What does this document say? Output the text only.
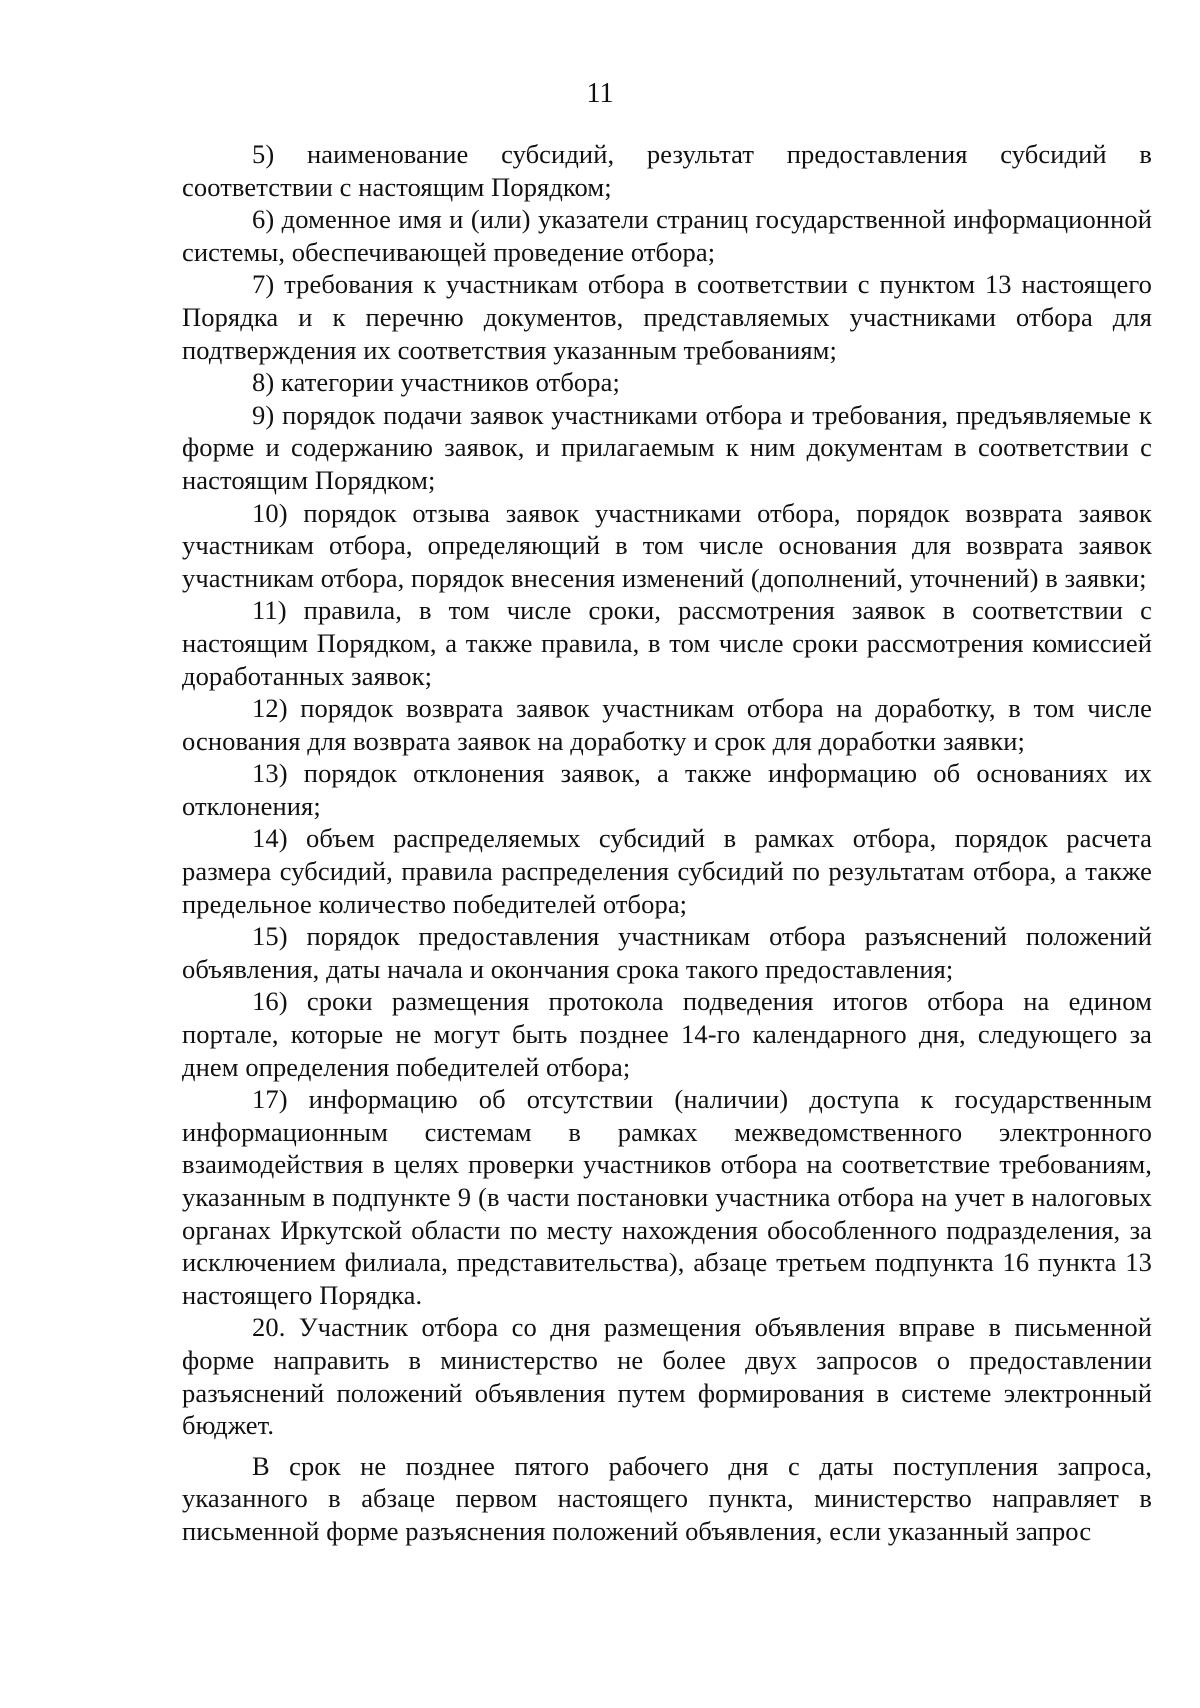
11

5) наименование субсидий, результат предоставления субсидий в соответствии с настоящим Порядком;

6) доменное имя и (или) указатели страниц государственной информационной системы, обеспечивающей проведение отбора;

7) требования к участникам отбора в соответствии с пунктом 13 настоящего Порядка и к перечню документов, представляемых участниками отбора для подтверждения их соответствия указанным требованиям;

8) категории участников отбора;

9) порядок подачи заявок участниками отбора и требования, предъявляемые к форме и содержанию заявок, и прилагаемым к ним документам в соответствии с настоящим Порядком;

10) порядок отзыва заявок участниками отбора, порядок возврата заявок участникам отбора, определяющий в том числе основания для возврата заявок участникам отбора, порядок внесения изменений (дополнений, уточнений) в заявки;

11) правила, в том числе сроки, рассмотрения заявок в соответствии с настоящим Порядком, а также правила, в том числе сроки рассмотрения комиссией доработанных заявок;

12) порядок возврата заявок участникам отбора на доработку, в том числе основания для возврата заявок на доработку и срок для доработки заявки;

13) порядок отклонения заявок, а также информацию об основаниях их отклонения;

14) объем распределяемых субсидий в рамках отбора, порядок расчета размера субсидий, правила распределения субсидий по результатам отбора, а также предельное количество победителей отбора;

15) порядок предоставления участникам отбора разъяснений положений объявления, даты начала и окончания срока такого предоставления;

16) сроки размещения протокола подведения итогов отбора на едином портале, которые не могут быть позднее 14-го календарного дня, следующего за днем определения победителей отбора;

17) информацию об отсутствии (наличии) доступа к государственным информационным системам в рамках межведомственного электронного взаимодействия в целях проверки участников отбора на соответствие требованиям, указанным в подпункте 9 (в части постановки участника отбора на учет в налоговых органах Иркутской области по месту нахождения обособленного подразделения, за исключением филиала, представительства), абзаце третьем подпункта 16 пункта 13 настоящего Порядка.

20. Участник отбора со дня размещения объявления вправе в письменной форме направить в министерство не более двух запросов о предоставлении разъяснений положений объявления путем формирования в системе электронный бюджет.

В срок не позднее пятого рабочего дня с даты поступления запроса, указанного в абзаце первом настоящего пункта, министерство направляет в письменной форме разъяснения положений объявления, если указанный запрос
